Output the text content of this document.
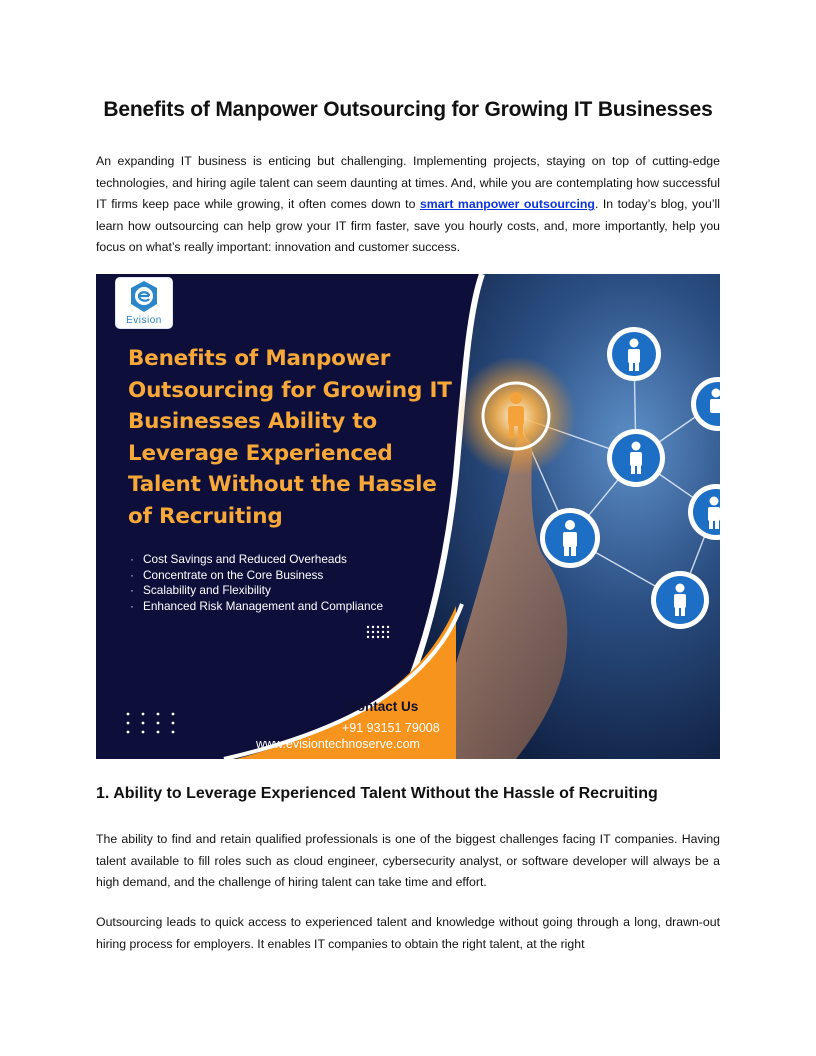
Benefits of Manpower Outsourcing for Growing IT Businesses

An expanding IT business is enticing but challenging. Implementing projects, staying on top of cutting-edge technologies, and hiring agile talent can seem daunting at times. And, while you are contemplating how successful IT firms keep pace while growing, it often comes down to smart manpower outsourcing. In today’s blog, you’ll learn how outsourcing can help grow your IT firm faster, save you hourly costs, and, more importantly, help you focus on what’s really important: innovation and customer success.

Evision
Benefits of Manpower Outsourcing for Growing IT Businesses Ability to Leverage Experienced Talent Without the Hassle of Recruiting
· Cost Savings and Reduced Overheads
· Concentrate on the Core Business
· Scalability and Flexibility
· Enhanced Risk Management and Compliance
Contact Us
+91 93151 79008
www.evisiontechnoserve.com
1. Ability to Leverage Experienced Talent Without the Hassle of Recruiting

The ability to find and retain qualified professionals is one of the biggest challenges facing IT companies. Having talent available to fill roles such as cloud engineer, cybersecurity analyst, or software developer will always be a high demand, and the challenge of hiring talent can take time and effort.

Outsourcing leads to quick access to experienced talent and knowledge without going through a long, drawn-out hiring process for employers. It enables IT companies to obtain the right talent, at the right
